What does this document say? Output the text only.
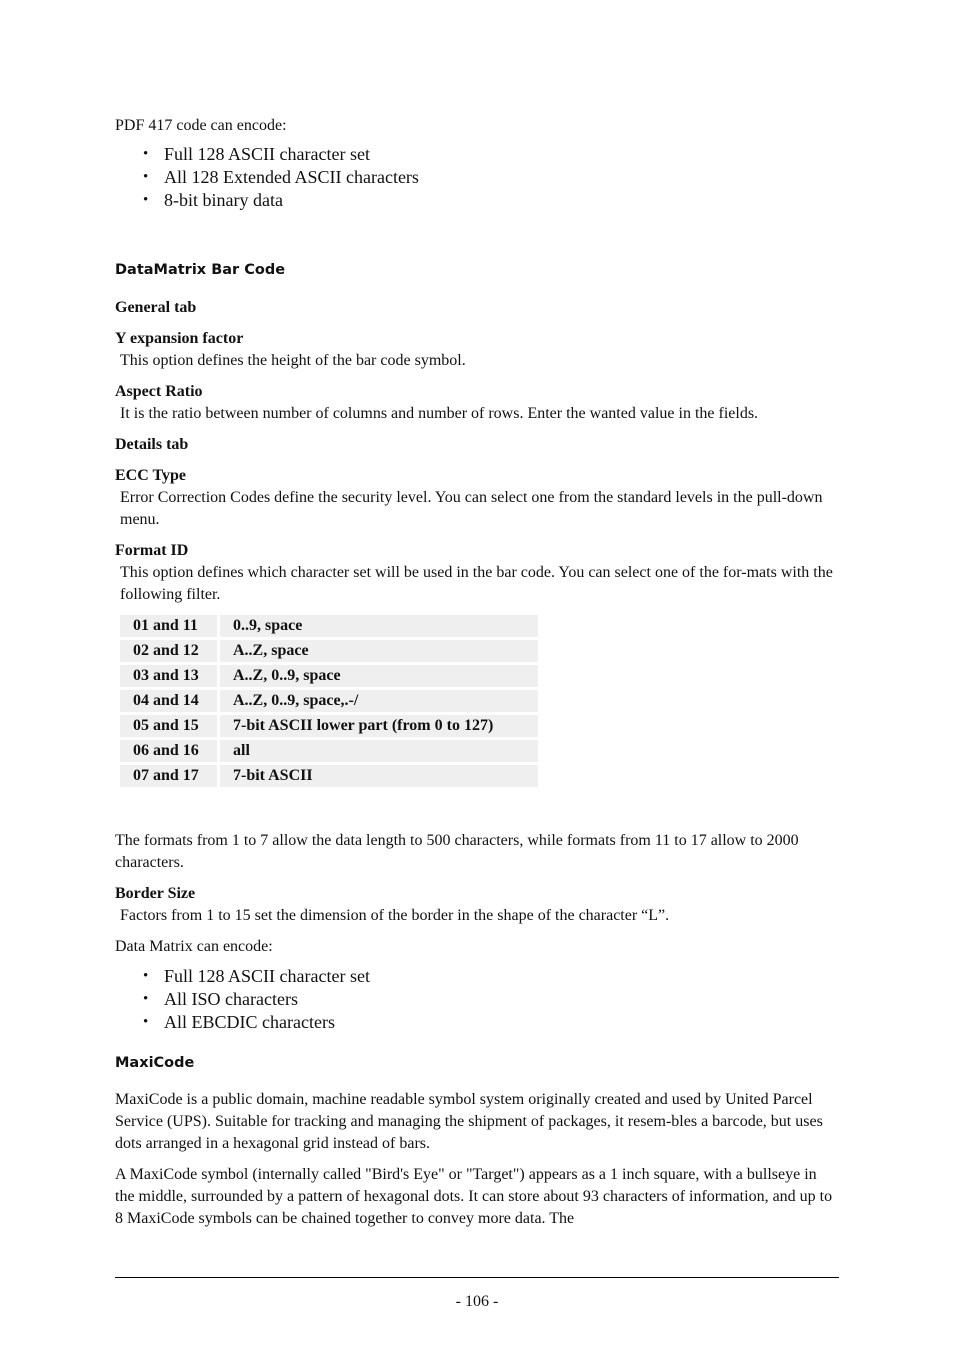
PDF 417 code can encode:

• Full 128 ASCII character set
• All 128 Extended ASCII characters
• 8-bit binary data
DataMatrix Bar Code

General tab

Y expansion factor

This option defines the height of the bar code symbol.

Aspect Ratio

It is the ratio between number of columns and number of rows. Enter the wanted value in the fields.

Details tab

ECC Type

Error Correction Codes define the security level. You can select one from the standard levels in the pull-down menu.

Format ID

This option defines which character set will be used in the bar code. You can select one of the for-mats with the following filter.

01 and 11	0..9, space
02 and 12	A..Z, space
03 and 13	A..Z, 0..9, space
04 and 14	A..Z, 0..9, space,.-/
05 and 15	7-bit ASCII lower part (from 0 to 127)
06 and 16	all
07 and 17	7-bit ASCII

The formats from 1 to 7 allow the data length to 500 characters, while formats from 11 to 17 allow to 2000 characters.

Border Size

Factors from 1 to 15 set the dimension of the border in the shape of the character “L”.

Data Matrix can encode:

• Full 128 ASCII character set
• All ISO characters
• All EBCDIC characters
MaxiCode

MaxiCode is a public domain, machine readable symbol system originally created and used by United Parcel Service (UPS). Suitable for tracking and managing the shipment of packages, it resem-bles a barcode, but uses dots arranged in a hexagonal grid instead of bars.

A MaxiCode symbol (internally called "Bird's Eye" or "Target") appears as a 1 inch square, with a bullseye in the middle, surrounded by a pattern of hexagonal dots. It can store about 93 characters of information, and up to 8 MaxiCode symbols can be chained together to convey more data. The

- 106 -
